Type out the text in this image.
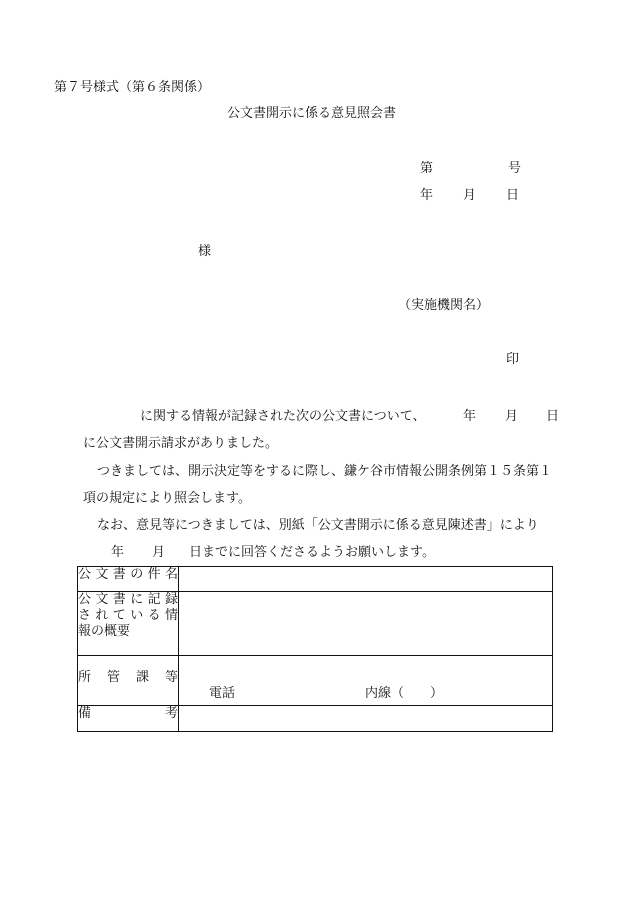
第７号様式（第６条関係）
公文書開示に係る意見照会書
第	号
年 月 日
様
（実施機関名）
印
に関する情報が記録された次の公文書について、	年 月 日
に公文書開示請求がありました。
つきましては、開示決定等をするに際し、鎌ケ谷市情報公開条例第１５条第１
項の規定により照会します。
なお、意見等につきましては、別紙「公文書開示に係る意見陳述書」により
年 月 日までに回答くださるようお願いします。
公文書の件名	

公文書に記録
されている情
報の概要	

所管課等	電話 内線（　　）

備 考	
